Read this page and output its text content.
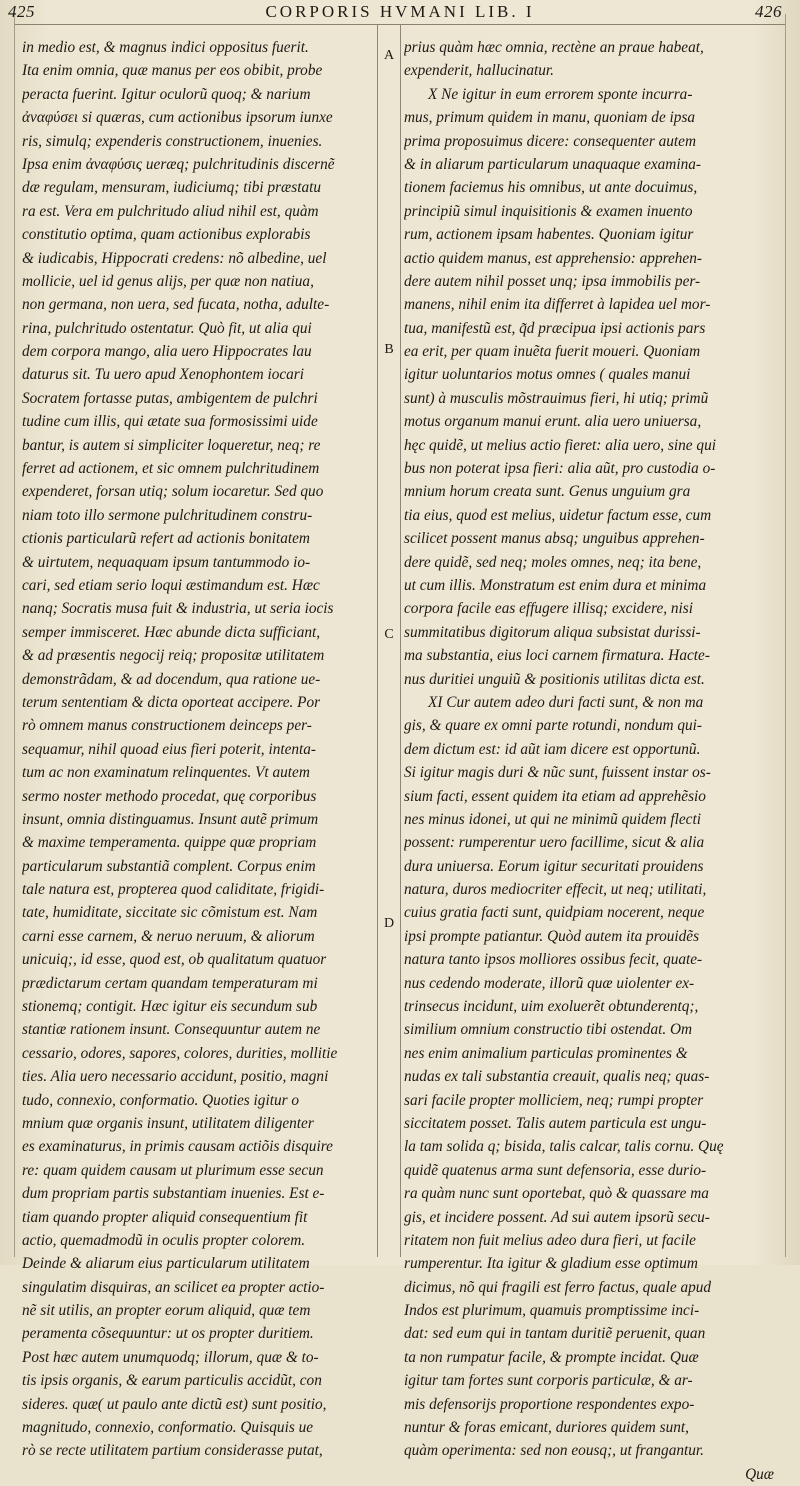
425	CORPORIS HVMANI LIB. I	426
A
B
C
D
in medio est, & magnus indici oppositus fuerit.
Ita enim omnia, quæ manus per eos obibit, probe
peracta fuerint. Igitur oculorũ quoq; & narium
ἀναφύσει si quæras, cum actionibus ipsorum iunxe
ris, simulq; expenderis constructionem, inuenies.
Ipsa enim ἀναφύσις ueræq; pulchritudinis discernẽ
dæ regulam, mensuram, iudiciumq; tibi præstatu
ra est. Vera em pulchritudo aliud nihil est, quàm
constitutio optima, quam actionibus explorabis
& iudicabis, Hippocrati credens: nõ albedine, uel
mollicie, uel id genus alijs, per quæ non natiua,
non germana, non uera, sed fucata, notha, adulte-
rina, pulchritudo ostentatur. Quò fit, ut alia qui
dem corpora mango, alia uero Hippocrates lau
daturus sit. Tu uero apud Xenophontem iocari
Socratem fortasse putas, ambigentem de pulchri
tudine cum illis, qui ætate sua formosissimi uide
bantur, is autem si simpliciter loqueretur, neq; re
ferret ad actionem, et sic omnem pulchritudinem
expenderet, forsan utiq; solum iocaretur. Sed quo
niam toto illo sermone pulchritudinem constru-
ctionis particularũ refert ad actionis bonitatem
& uirtutem, nequaquam ipsum tantummodo io-
cari, sed etiam serio loqui æstimandum est. Hæc
nanq; Socratis musa fuit & industria, ut seria iocis
semper immisceret. Hæc abunde dicta sufficiant,
& ad præsentis negocij reiq; propositæ utilitatem
demonstrãdam, & ad docendum, qua ratione ue-
terum sententiam & dicta oporteat accipere. Por
rò omnem manus constructionem deinceps per-
sequamur, nihil quoad eius fieri poterit, intenta-
tum ac non examinatum relinquentes. Vt autem
sermo noster methodo procedat, quę corporibus
insunt, omnia distinguamus. Insunt autẽ primum
& maxime temperamenta. quippe quæ propriam
particularum substantiã complent. Corpus enim
tale natura est, propterea quod caliditate, frigidi-
tate, humiditate, siccitate sic cõmistum est. Nam
carni esse carnem, & neruo neruum, & aliorum
unicuiq;, id esse, quod est, ob qualitatum quatuor
prædictarum certam quandam temperaturam mi
stionemq; contigit. Hæc igitur eis secundum sub
stantiæ rationem insunt. Consequuntur autem ne
cessario, odores, sapores, colores, durities, mollitie
ties. Alia uero necessario accidunt, positio, magni
tudo, connexio, conformatio. Quoties igitur o
mnium quæ organis insunt, utilitatem diligenter
es examinaturus, in primis causam actiõis disquire
re: quam quidem causam ut plurimum esse secun
dum propriam partis substantiam inuenies. Est e-
tiam quando propter aliquid consequentium fit
actio, quemadmodũ in oculis propter colorem.
Deinde & aliarum eius particularum utilitatem
singulatim disquiras, an scilicet ea propter actio-
nẽ sit utilis, an propter eorum aliquid, quæ tem
peramenta cõsequuntur: ut os propter duritiem.
Post hæc autem unumquodq; illorum, quæ & to-
tis ipsis organis, & earum particulis accidũt, con
sideres. quæ( ut paulo ante dictũ est) sunt positio,
magnitudo, connexio, conformatio. Quisquis ue
rò se recte utilitatem partium considerasse putat,
prius quàm hæc omnia, rectène an praue habeat,
expenderit, hallucinatur.
X Ne igitur in eum errorem sponte incurra-
mus, primum quidem in manu, quoniam de ipsa
prima proposuimus dicere: consequenter autem
& in aliarum particularum unaquaque examina-
tionem faciemus his omnibus, ut ante docuimus,
principiũ simul inquisitionis & examen inuento
rum, actionem ipsam habentes. Quoniam igitur
actio quidem manus, est apprehensio: apprehen-
dere autem nihil posset unq; ipsa immobilis per-
manens, nihil enim ita differret à lapidea uel mor-
tua, manifestũ est, q̃d præcipua ipsi actionis pars
ea erit, per quam inuẽta fuerit moueri. Quoniam
igitur uoluntarios motus omnes ( quales manui
sunt) à musculis mõstrauimus fieri, hi utiq; primũ
motus organum manui erunt. alia uero uniuersa,
hęc quidẽ, ut melius actio fieret: alia uero, sine qui
bus non poterat ipsa fieri: alia aũt, pro custodia o-
mnium horum creata sunt. Genus unguium gra
tia eius, quod est melius, uidetur factum esse, cum
scilicet possent manus absq; unguibus apprehen-
dere quidẽ, sed neq; moles omnes, neq; ita bene,
ut cum illis. Monstratum est enim dura et minima
corpora facile eas effugere illisq; excidere, nisi
summitatibus digitorum aliqua subsistat durissi-
ma substantia, eius loci carnem firmatura. Hacte-
nus duritiei unguiũ & positionis utilitas dicta est.
XI Cur autem adeo duri facti sunt, & non ma
gis, & quare ex omni parte rotundi, nondum qui-
dem dictum est: id aũt iam dicere est opportunũ.
Si igitur magis duri & nũc sunt, fuissent instar os-
sium facti, essent quidem ita etiam ad apprehẽsio
nes minus idonei, ut qui ne minimũ quidem flecti
possent: rumperentur uero facillime, sicut & alia
dura uniuersa. Eorum igitur securitati prouidens
natura, duros mediocriter effecit, ut neq; utilitati,
cuius gratia facti sunt, quidpiam nocerent, neque
ipsi prompte patiantur. Quòd autem ita prouidẽs
natura tanto ipsos molliores ossibus fecit, quate-
nus cedendo moderate, illorũ quæ uiolenter ex-
trinsecus incidunt, uim exoluerẽt obtunderentq;,
similium omnium constructio tibi ostendat. Om
nes enim animalium particulas prominentes &
nudas ex tali substantia creauit, qualis neq; quas-
sari facile propter molliciem, neq; rumpi propter
siccitatem posset. Talis autem particula est ungu-
la tam solida q; bisida, talis calcar, talis cornu. Quę
quidẽ quatenus arma sunt defensoria, esse durio-
ra quàm nunc sunt oportebat, quò & quassare ma
gis, et incidere possent. Ad sui autem ipsorũ secu-
ritatem non fuit melius adeo dura fieri, ut facile
rumperentur. Ita igitur & gladium esse optimum
dicimus, nõ qui fragili est ferro factus, quale apud
Indos est plurimum, quamuis promptissime inci-
dat: sed eum qui in tantam duritiẽ peruenit, quan
ta non rumpatur facile, & prompte incidat. Quæ
igitur tam fortes sunt corporis particulæ, & ar-
mis defensorijs proportione respondentes expo-
nuntur & foras emicant, duriores quidem sunt,
quàm operimenta: sed non eousq;, ut frangantur.
Quæ
